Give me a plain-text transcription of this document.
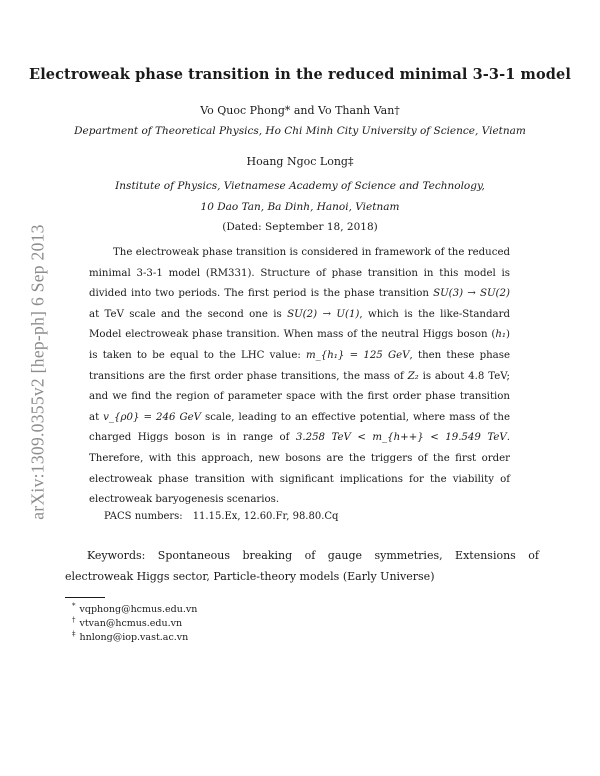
arXiv:1309.0355v2 [hep-ph] 6 Sep 2013
Electroweak phase transition in the reduced minimal 3-3-1 model
Vo Quoc Phong* and Vo Thanh Van†
Department of Theoretical Physics, Ho Chi Minh City University of Science, Vietnam
Hoang Ngoc Long‡
Institute of Physics, Vietnamese Academy of Science and Technology,
10 Dao Tan, Ba Dinh, Hanoi, Vietnam
(Dated: September 18, 2018)

The electroweak phase transition is considered in framework of the reduced minimal 3-3-1 model (RM331). Structure of phase transition in this model is divided into two periods. The first period is the phase transition SU(3) → SU(2) at TeV scale and the second one is SU(2) → U(1), which is the like-Standard Model electroweak phase transition. When mass of the neutral Higgs boson (h₁) is taken to be equal to the LHC value: m_{h₁} = 125 GeV, then these phase transitions are the first order phase transitions, the mass of Z₂ is about 4.8 TeV; and we find the region of parameter space with the first order phase transition at v_{ρ0} = 246 GeV scale, leading to an effective potential, where mass of the charged Higgs boson is in range of 3.258 TeV < m_{h++} < 19.549 TeV. Therefore, with this approach, new bosons are the triggers of the first order electroweak phase transition with significant implications for the viability of electroweak baryogenesis scenarios.

PACS numbers: 11.15.Ex, 12.60.Fr, 98.80.Cq

Keywords: Spontaneous breaking of gauge symmetries, Extensions of electroweak Higgs sector, Particle-theory models (Early Universe)

* vqphong@hcmus.edu.vn
† vtvan@hcmus.edu.vn
‡ hnlong@iop.vast.ac.vn
